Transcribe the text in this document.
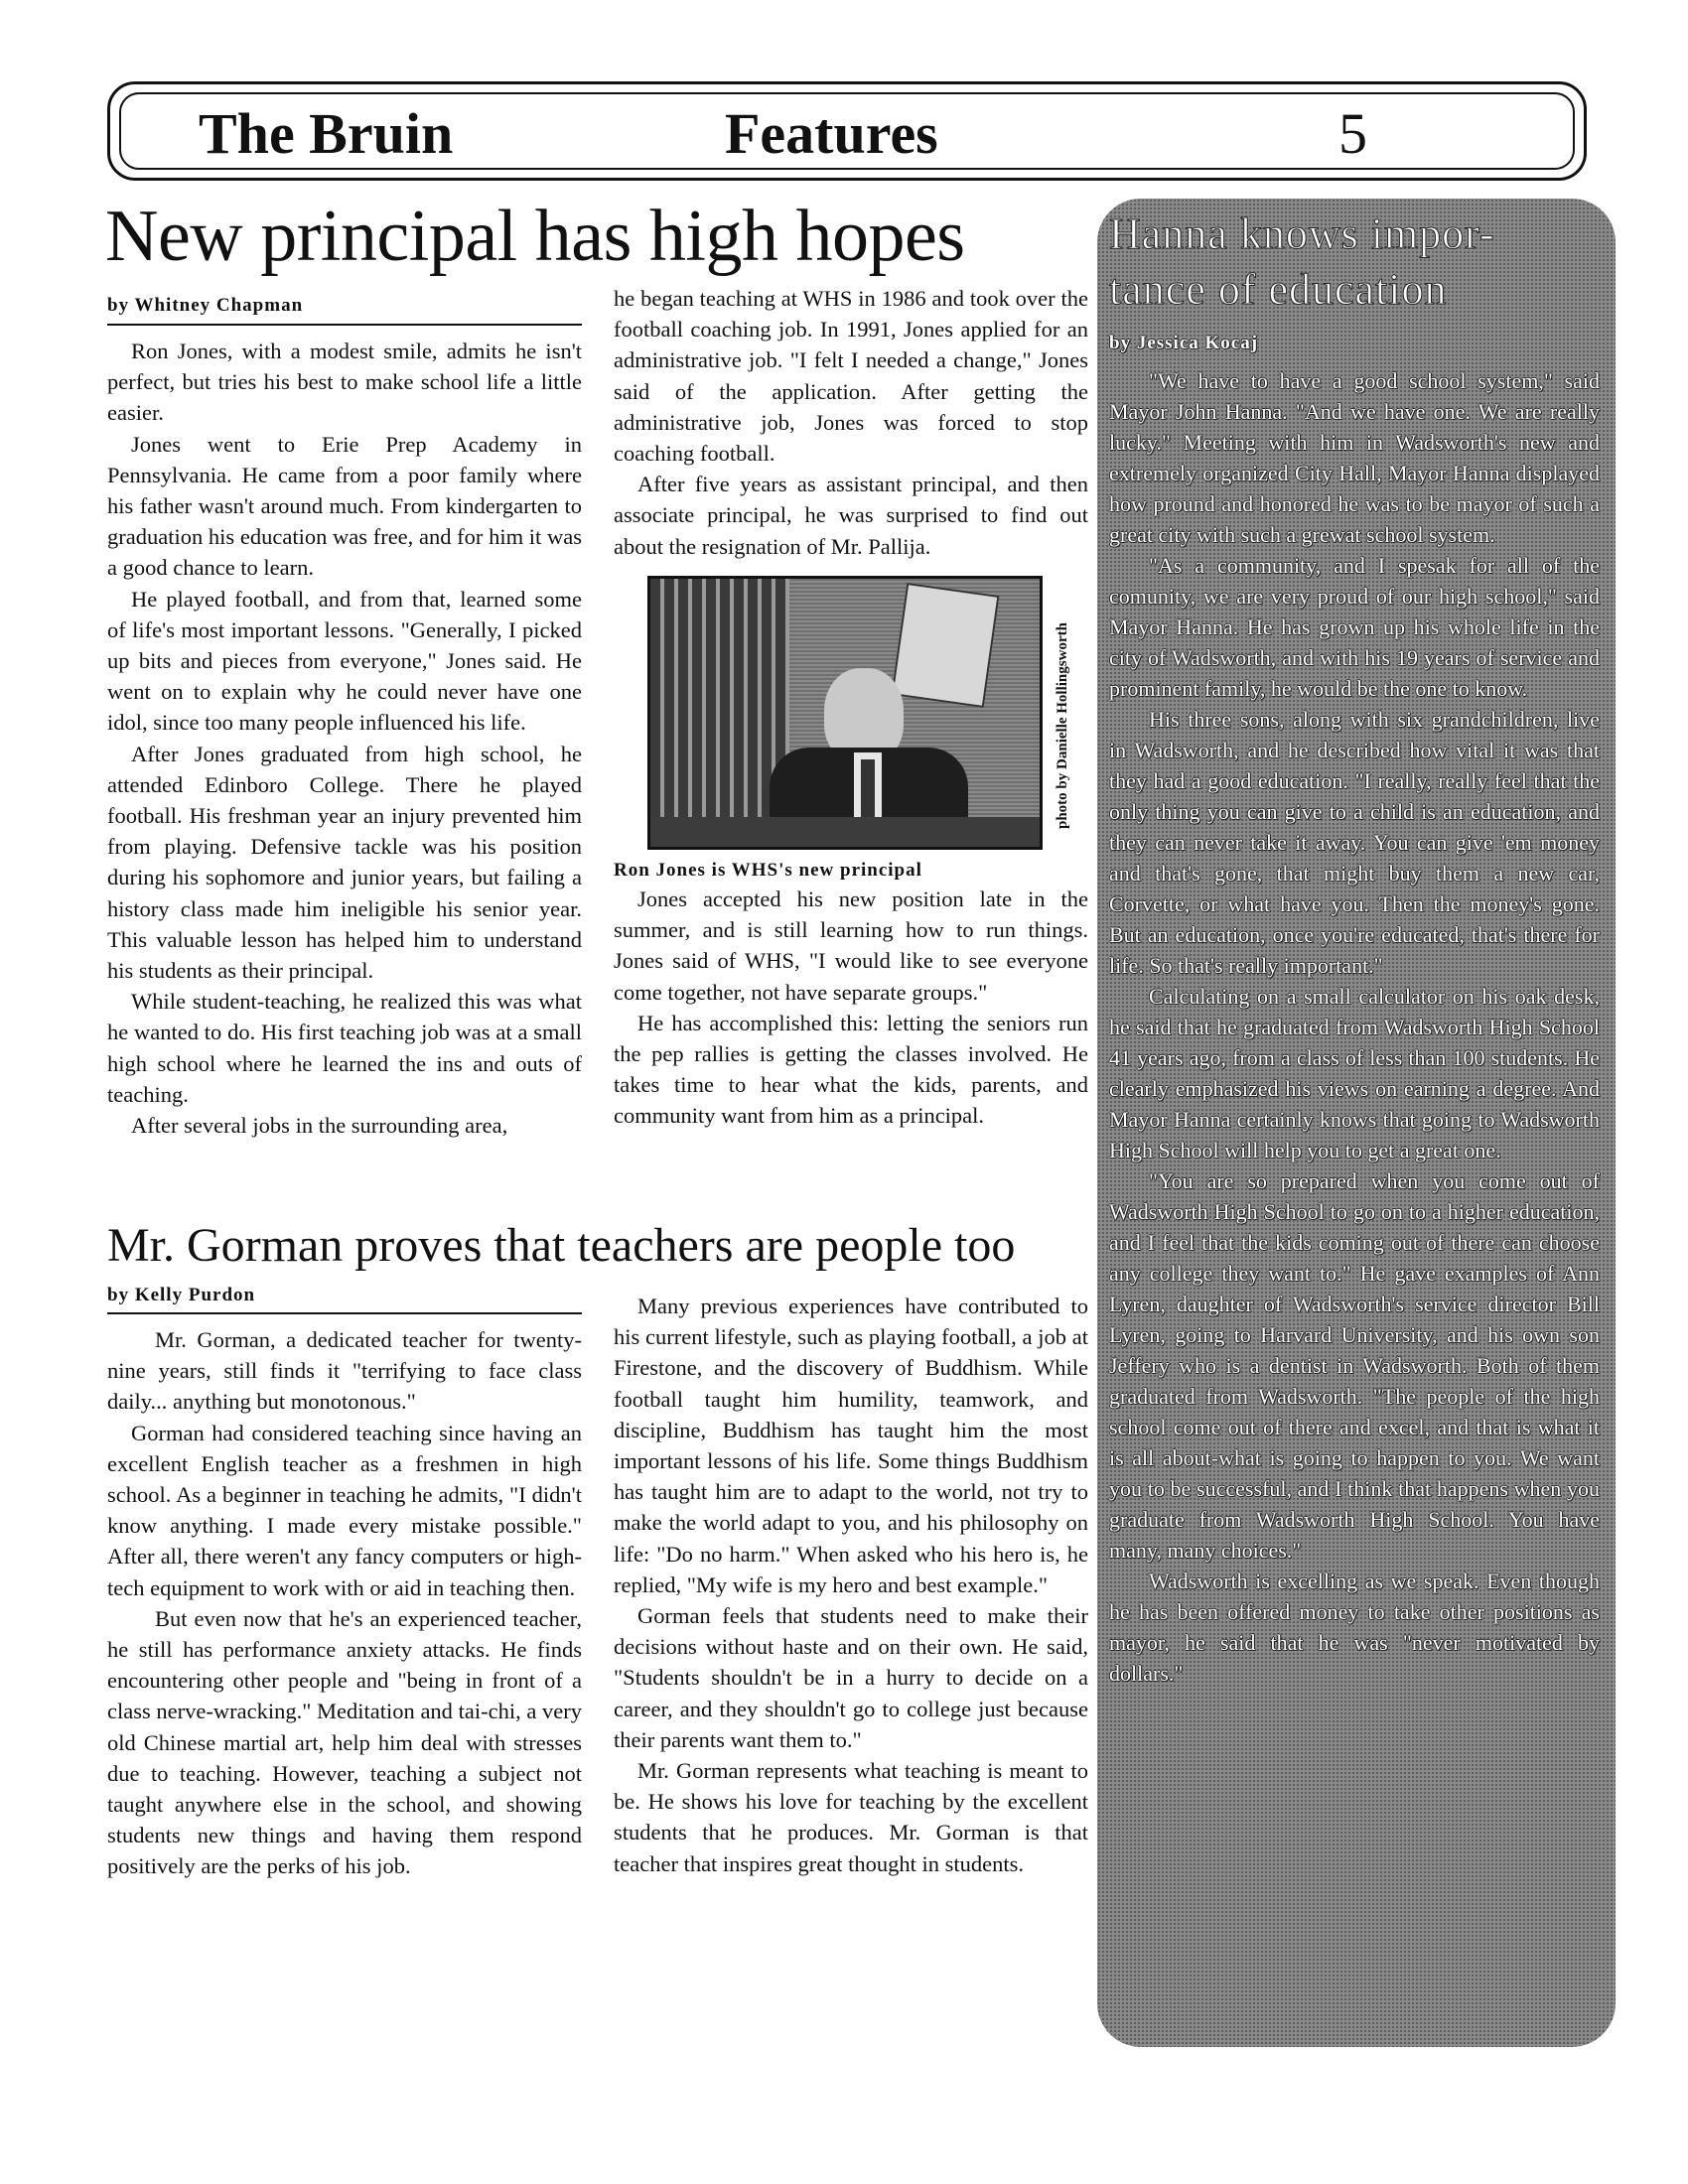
The Bruin	Features	5
New principal has high hopes
by Whitney Chapman

Ron Jones, with a modest smile, admits he isn't perfect, but tries his best to make school life a little easier.

Jones went to Erie Prep Academy in Pennsylvania. He came from a poor family where his father wasn't around much. From kindergarten to graduation his education was free, and for him it was a good chance to learn.

He played football, and from that, learned some of life's most important lessons. "Generally, I picked up bits and pieces from everyone," Jones said. He went on to explain why he could never have one idol, since too many people influenced his life.

After Jones graduated from high school, he attended Edinboro College. There he played football. His freshman year an injury prevented him from playing. Defensive tackle was his position during his sophomore and junior years, but failing a history class made him ineligible his senior year. This valuable lesson has helped him to understand his students as their principal.

While student-teaching, he realized this was what he wanted to do. His first teaching job was at a small high school where he learned the ins and outs of teaching.

After several jobs in the surrounding area,

he began teaching at WHS in 1986 and took over the football coaching job. In 1991, Jones applied for an administrative job. "I felt I needed a change," Jones said of the application. After getting the administrative job, Jones was forced to stop coaching football.

After five years as assistant principal, and then associate principal, he was surprised to find out about the resignation of Mr. Pallija.

photo by Danielle Hollingsworth
Ron Jones is WHS's new principal

Jones accepted his new position late in the summer, and is still learning how to run things. Jones said of WHS, "I would like to see everyone come together, not have separate groups."

He has accomplished this: letting the seniors run the pep rallies is getting the classes involved. He takes time to hear what the kids, parents, and community want from him as a principal.

Mr. Gorman proves that teachers are people too
by Kelly Purdon

Mr. Gorman, a dedicated teacher for twenty-nine years, still finds it "terrifying to face class daily... anything but monotonous."

Gorman had considered teaching since having an excellent English teacher as a freshmen in high school. As a beginner in teaching he admits, "I didn't know anything. I made every mistake possible." After all, there weren't any fancy computers or high-tech equipment to work with or aid in teaching then.

But even now that he's an experienced teacher, he still has performance anxiety attacks. He finds encountering other people and "being in front of a class nerve-wracking." Meditation and tai-chi, a very old Chinese martial art, help him deal with stresses due to teaching. However, teaching a subject not taught anywhere else in the school, and showing students new things and having them respond positively are the perks of his job.

Many previous experiences have contributed to his current lifestyle, such as playing football, a job at Firestone, and the discovery of Buddhism. While football taught him humility, teamwork, and discipline, Buddhism has taught him the most important lessons of his life. Some things Buddhism has taught him are to adapt to the world, not try to make the world adapt to you, and his philosophy on life: "Do no harm." When asked who his hero is, he replied, "My wife is my hero and best example."

Gorman feels that students need to make their decisions without haste and on their own. He said, "Students shouldn't be in a hurry to decide on a career, and they shouldn't go to college just because their parents want them to."

Mr. Gorman represents what teaching is meant to be. He shows his love for teaching by the excellent students that he produces. Mr. Gorman is that teacher that inspires great thought in students.

Hanna knows impor-
tance of education
by Jessica Kocaj

"We have to have a good school system," said Mayor John Hanna. "And we have one. We are really lucky." Meeting with him in Wadsworth's new and extremely organized City Hall, Mayor Hanna displayed how pround and honored he was to be mayor of such a great city with such a grewat school system.

"As a community, and I spesak for all of the comunity, we are very proud of our high school," said Mayor Hanna. He has grown up his whole life in the city of Wadsworth, and with his 19 years of service and prominent family, he would be the one to know.

His three sons, along with six grandchildren, live in Wadsworth, and he described how vital it was that they had a good education. "I really, really feel that the only thing you can give to a child is an education, and they can never take it away. You can give 'em money and that's gone, that might buy them a new car, Corvette, or what have you. Then the money's gone. But an education, once you're educated, that's there for life. So that's really important."

Calculating on a small calculator on his oak desk, he said that he graduated from Wadsworth High School 41 years ago, from a class of less than 100 students. He clearly emphasized his views on earning a degree. And Mayor Hanna certainly knows that going to Wadsworth High School will help you to get a great one.

"You are so prepared when you come out of Wadsworth High School to go on to a higher education, and I feel that the kids coming out of there can choose any college they want to." He gave examples of Ann Lyren, daughter of Wadsworth's service director Bill Lyren, going to Harvard University, and his own son Jeffery who is a dentist in Wadsworth. Both of them graduated from Wadsworth. "The people of the high school come out of there and excel, and that is what it is all about-what is going to happen to you. We want you to be successful, and I think that happens when you graduate from Wadsworth High School. You have many, many choices."

Wadsworth is excelling as we speak. Even though he has been offered money to take other positions as mayor, he said that he was "never motivated by dollars."
